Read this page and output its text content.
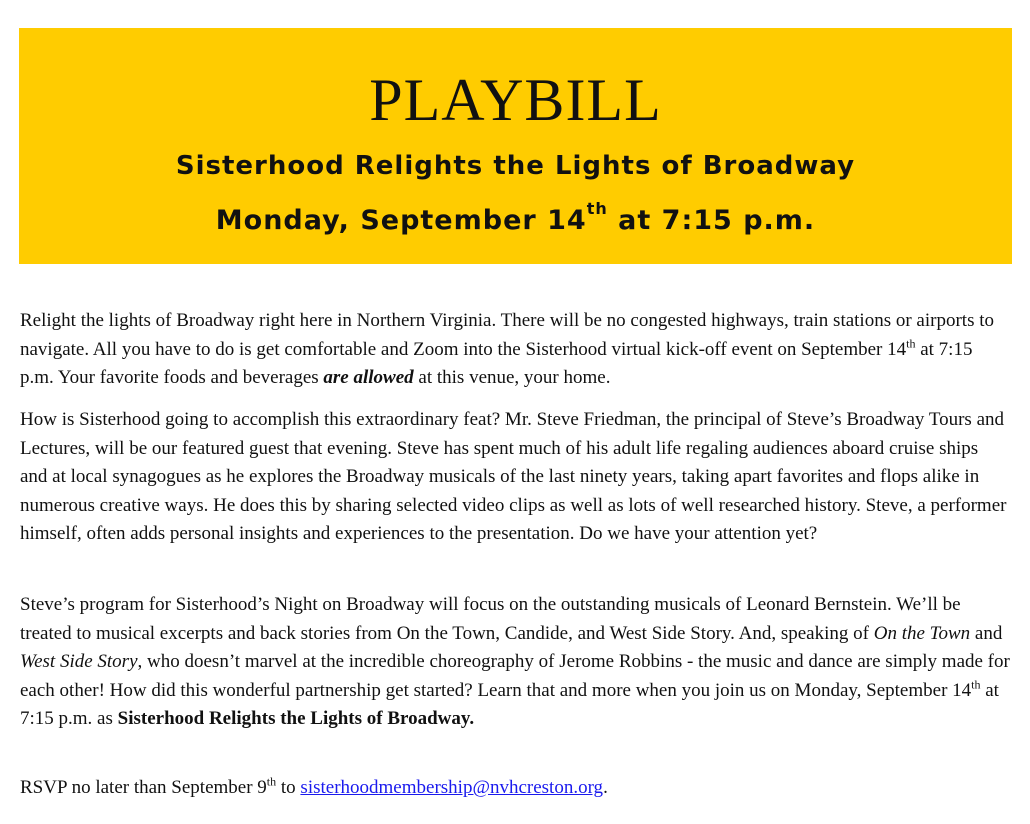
PLAYBILL
Sisterhood Relights the Lights of Broadway
Monday, September 14th at 7:15 p.m.

Relight the lights of Broadway right here in Northern Virginia. There will be no congested highways, train stations or airports to navigate. All you have to do is get comfortable and Zoom into the Sisterhood virtual kick-off event on September 14th at 7:15 p.m. Your favorite foods and beverages are allowed at this venue, your home.

How is Sisterhood going to accomplish this extraordinary feat? Mr. Steve Friedman, the principal of Steve’s Broadway Tours and Lectures, will be our featured guest that evening. Steve has spent much of his adult life regaling audiences aboard cruise ships and at local synagogues as he explores the Broadway musicals of the last ninety years, taking apart favorites and flops alike in numerous creative ways. He does this by sharing selected video clips as well as lots of well researched history. Steve, a performer himself, often adds personal insights and experiences to the presentation. Do we have your attention yet?

Steve’s program for Sisterhood’s Night on Broadway will focus on the outstanding musicals of Leonard Bernstein. We’ll be treated to musical excerpts and back stories from On the Town, Candide, and West Side Story. And, speaking of On the Town and West Side Story, who doesn’t marvel at the incredible choreography of Jerome Robbins - the music and dance are simply made for each other! How did this wonderful partnership get started? Learn that and more when you join us on Monday, September 14th at 7:15 p.m. as Sisterhood Relights the Lights of Broadway.

RSVP no later than September 9th to sisterhoodmembership@nvhcreston.org.
